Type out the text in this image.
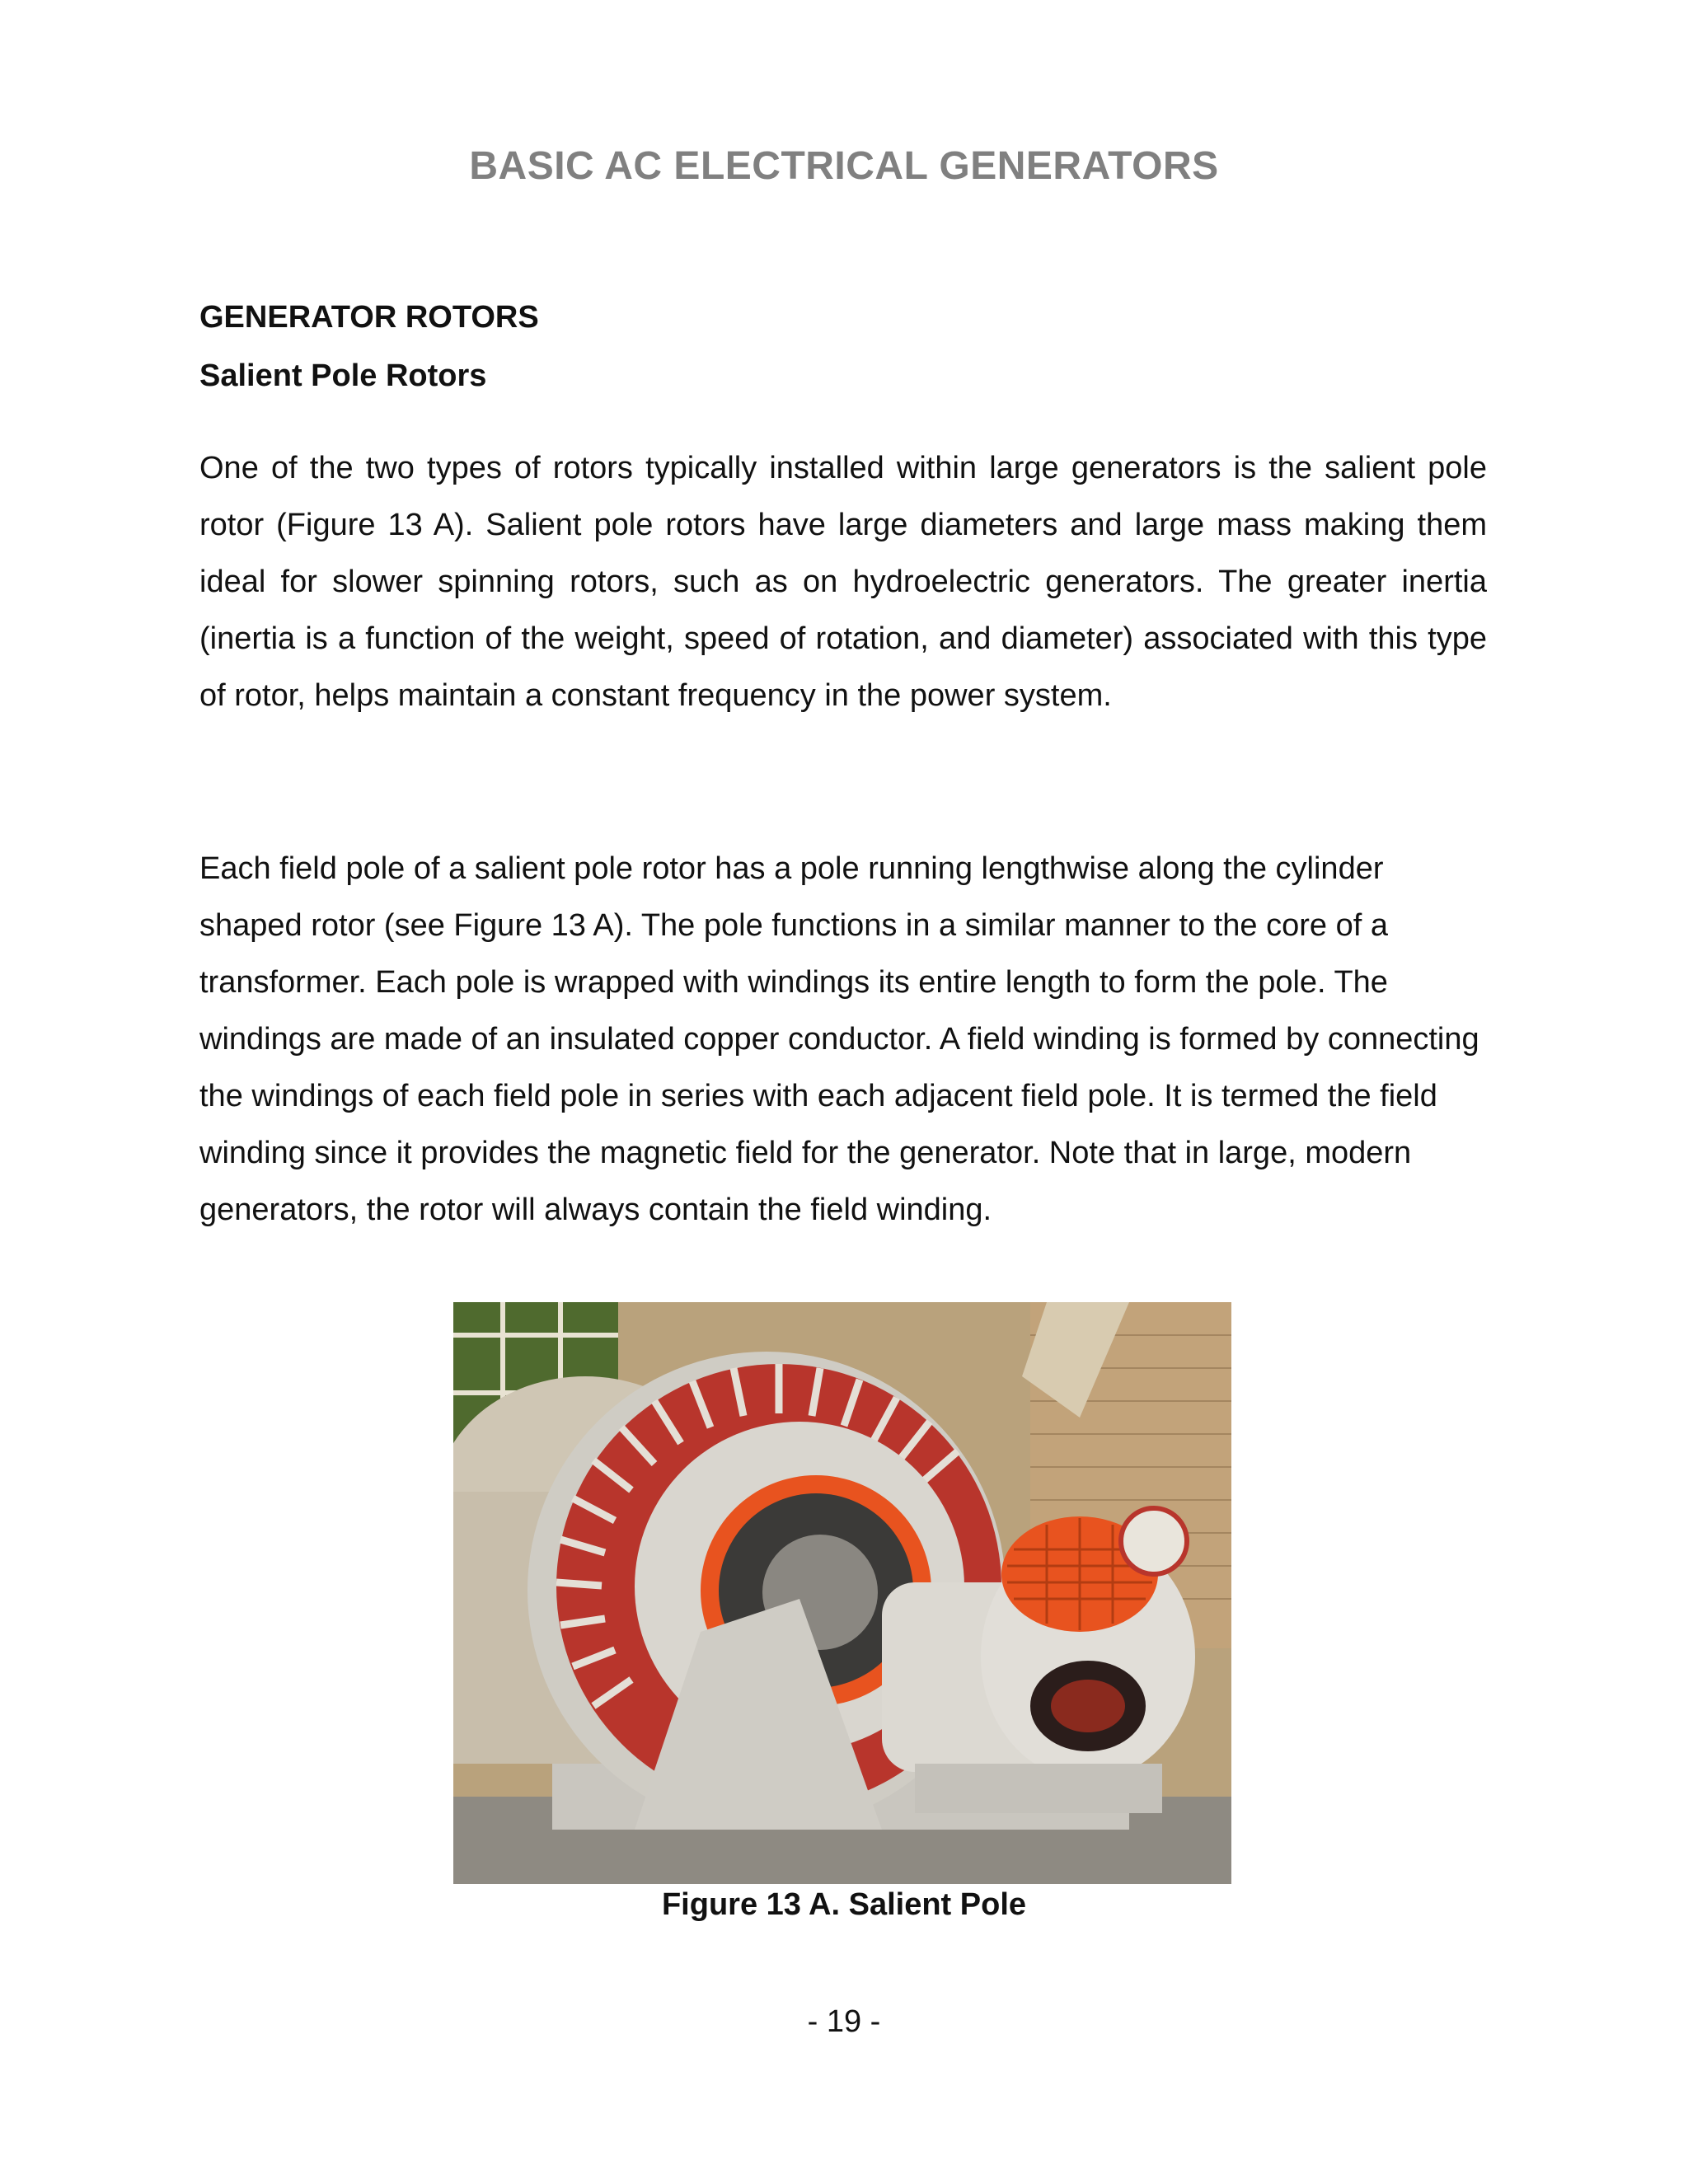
BASIC AC ELECTRICAL GENERATORS
GENERATOR ROTORS
Salient Pole Rotors

One of the two types of rotors typically installed within large generators is the salient pole rotor (Figure 13 A). Salient pole rotors have large diameters and large mass making them ideal for slower spinning rotors, such as on hydroelectric generators. The greater inertia (inertia is a function of the weight, speed of rotation, and diameter) associated with this type of rotor, helps maintain a constant frequency in the power system.

Each field pole of a salient pole rotor has a pole running lengthwise along the cylinder shaped rotor (see Figure 13 A). The pole functions in a similar manner to the core of a transformer. Each pole is wrapped with windings its entire length to form the pole. The windings are made of an insulated copper conductor. A field winding is formed by connecting the windings of each field pole in series with each adjacent field pole. It is termed the field winding since it provides the magnetic field for the generator. Note that in large, modern generators, the rotor will always contain the field winding.

Figure 13 A. Salient Pole
- 19 -
